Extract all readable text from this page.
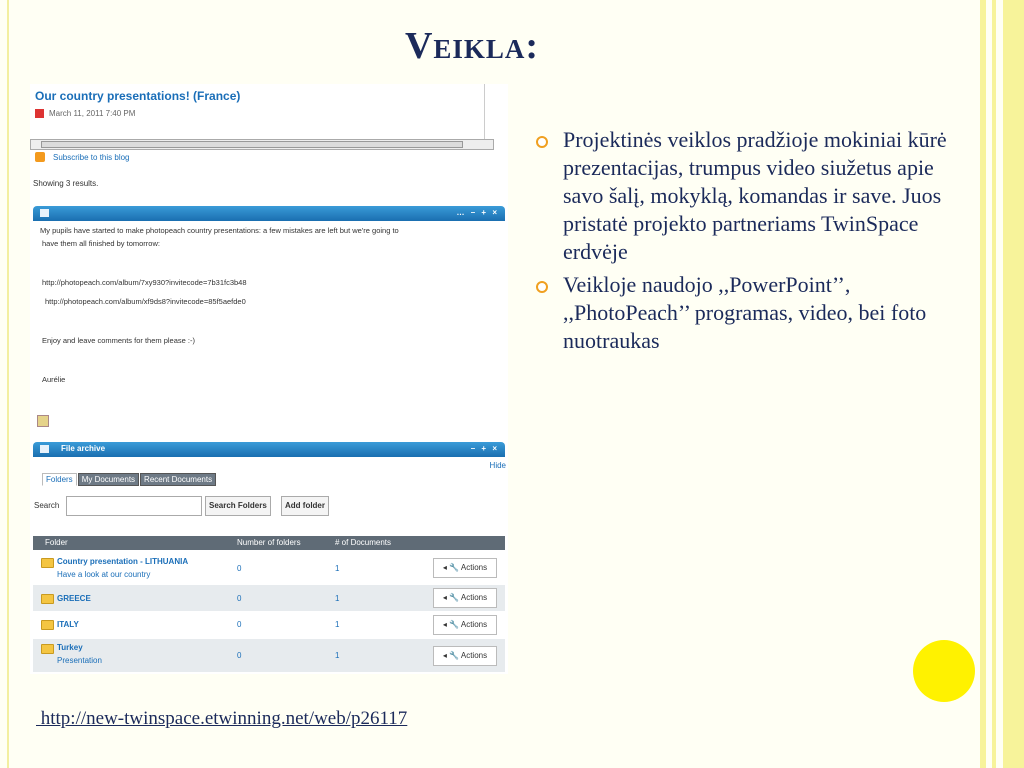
Veikla:
Our country presentations! (France)
March 11, 2011 7:40 PM
Subscribe to this blog
Showing 3 results.
… – + ×
My pupils have started to make photopeach country presentations: a few mistakes are left but we're going to
have them all finished by tomorrow:
http://photopeach.com/album/7xy930?invitecode=7b31fc3b48
http://photopeach.com/album/xf9ds8?invitecode=85f5aefde0
Enjoy and leave comments for them please :-)
Aurélie
File archive	– + ×
Hide
Folders	My Documents	Recent Documents
Search	Search Folders	Add folder
Folder	Number of folders	# of Documents
Country presentation - LITHUANIA
Have a look at our country
0	1	◂ 🔧 Actions
GREECE	0	1	◂ 🔧 Actions
ITALY	0	1	◂ 🔧 Actions
Turkey
Presentation
0	1	◂ 🔧 Actions
Projektinės veiklos pradžioje mokiniai kūrė prezentacijas, trumpus video siužetus apie savo šalį, mokyklą, komandas ir save. Juos pristatė projekto partneriams TwinSpace erdvėje
Veikloje naudojo ,,PowerPoint’’, ,,PhotoPeach’’ programas, video, bei foto nuotraukas
http://new-twinspace.etwinning.net/web/p26117
